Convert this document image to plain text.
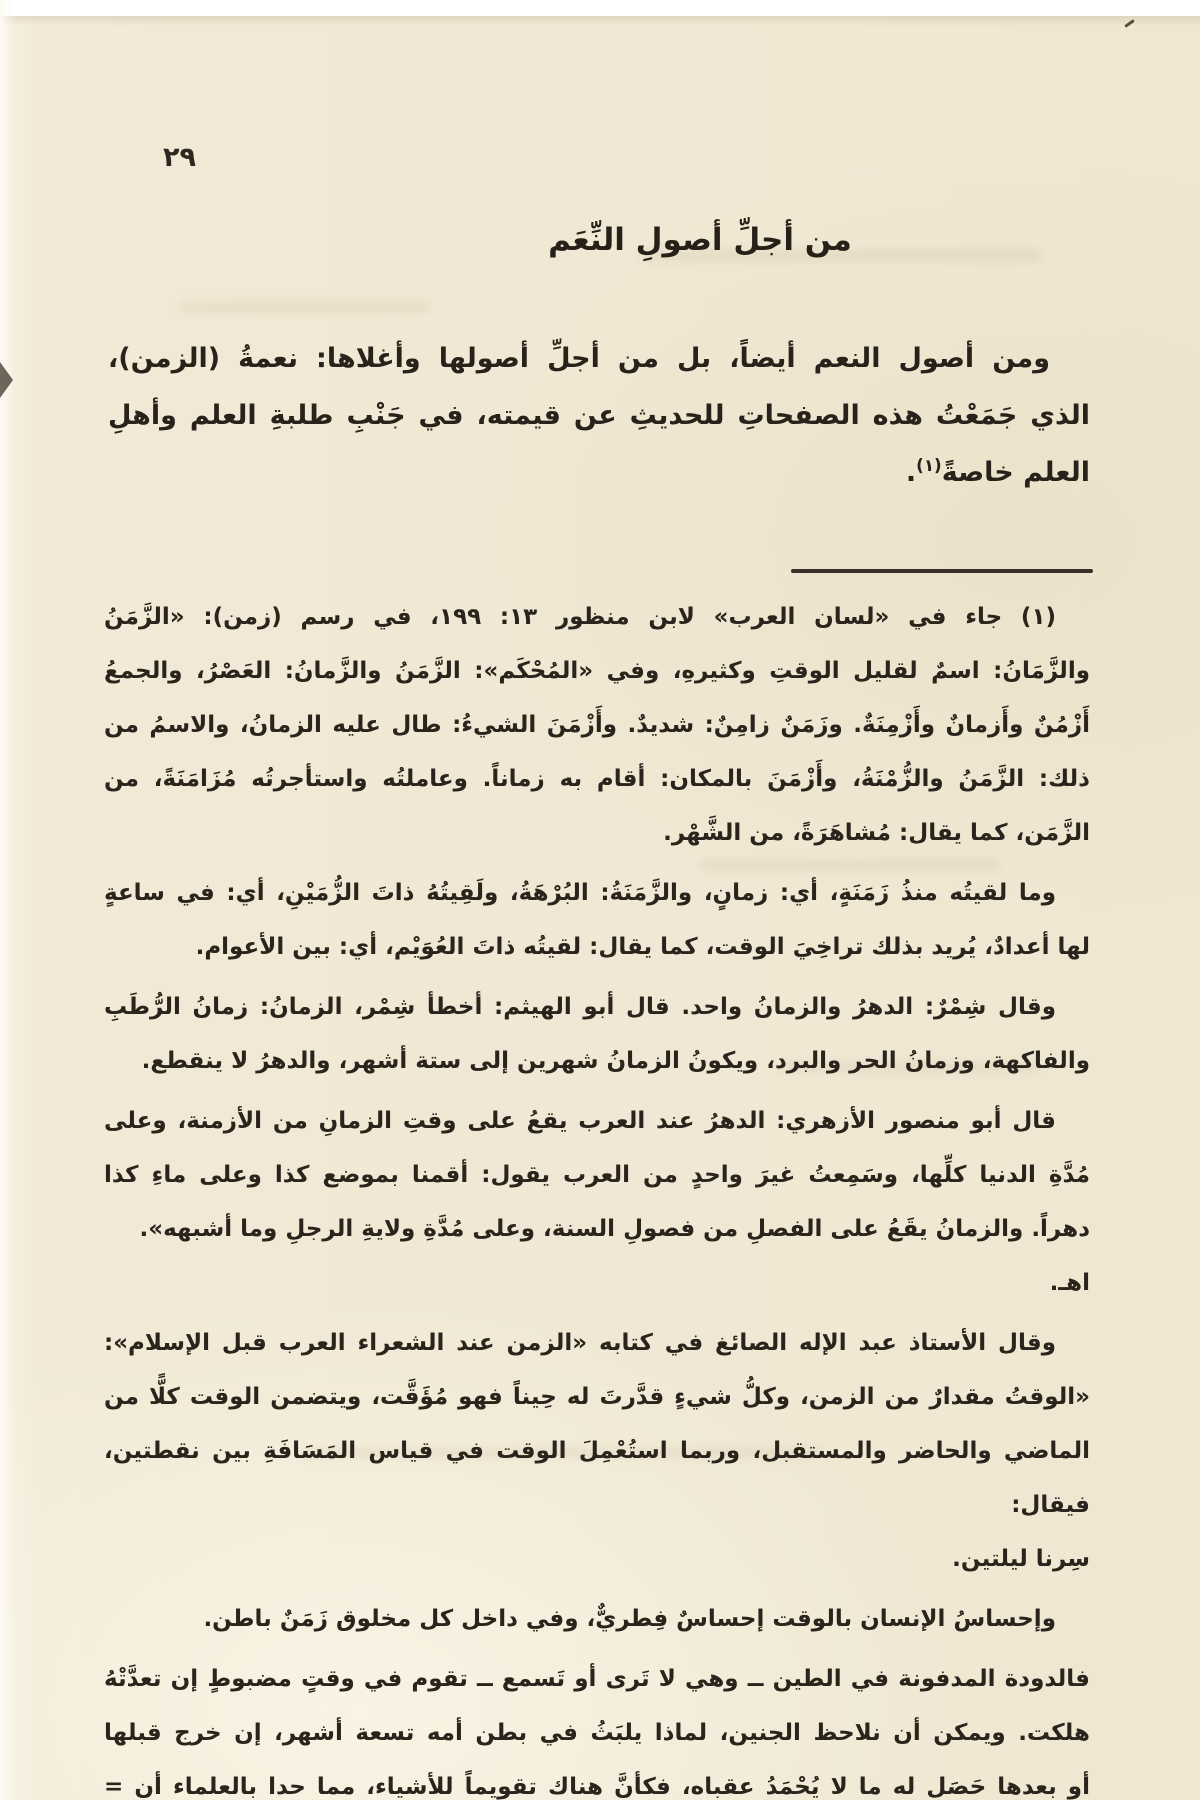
٢٩
من أجلِّ أصولِ النِّعَم
ومن أصول النعم أيضاً، بل من أجلِّ أصولها وأغلاها: نعمةُ (الزمن)،
الذي جَمَعْتُ هذه الصفحاتِ للحديثِ عن قيمته، في جَنْبِ طلبةِ العلم وأهلِ
العلم خاصةً$^{(١)}$.
(١) جاء في «لسان العرب» لابن منظور ١٣: ١٩٩، في رسم (زمن): «الزَّمَنُ
والزَّمَانُ: اسمٌ لقليل الوقتِ وكثيرهِ، وفي «المُحْكَم»: الزَّمَنُ والزَّمانُ: العَصْرُ، والجمعُ
أَزْمُنٌ وأَزمانٌ وأَزْمِنَةٌ. وزَمَنٌ زامِنٌ: شديدٌ. وأَزْمَنَ الشيءُ: طال عليه الزمانُ، والاسمُ من
ذلك: الزَّمَنُ والزُّمْنَةُ، وأَزْمَنَ بالمكان: أقام به زماناً. وعاملتُه واستأجرتُه مُزَامَنَةً، من
الزَّمَن، كما يقال: مُشاهَرَةً، من الشَّهْر.
وما لقيتُه منذُ زَمَنَةٍ، أي: زمانٍ، والزَّمَنَةُ: البُرْهَةُ، ولَقِيتُهُ ذاتَ الزُّمَيْنِ، أي: في ساعةٍ
لها أعدادٌ، يُريد بذلك تراخِيَ الوقت، كما يقال: لقيتُه ذاتَ العُوَيْم، أي: بين الأعوام.
وقال شِمْرٌ: الدهرُ والزمانُ واحد. قال أبو الهيثم: أخطأ شِمْر، الزمانُ: زمانُ الرُّطَبِ
والفاكهة، وزمانُ الحر والبرد، ويكونُ الزمانُ شهرين إلى ستة أشهر، والدهرُ لا ينقطع.
قال أبو منصور الأزهري: الدهرُ عند العرب يقعُ على وقتِ الزمانِ من الأزمنة، وعلى
مُدَّةِ الدنيا كلِّها، وسَمِعتُ غيرَ واحدٍ من العرب يقول: أقمنا بموضع كذا وعلى ماءِ كذا
دهراً. والزمانُ يقَعُ على الفصلِ من فصولِ السنة، وعلى مُدَّةِ ولايةِ الرجلِ وما أشبهه». اهـ.
وقال الأستاذ عبد الإله الصائغ في كتابه «الزمن عند الشعراء العرب قبل الإسلام»:
«الوقتُ مقدارٌ من الزمن، وكلُّ شيءٍ قدَّرتَ له حِيناً فهو مُؤَقَّت، ويتضمن الوقت كلًّا من
الماضي والحاضر والمستقبل، وربما استُعْمِلَ الوقت في قياس المَسَافَةِ بين نقطتين، فيقال:
سِرنا ليلتين.
وإحساسُ الإنسان بالوقت إحساسٌ فِطريٌّ، وفي داخل كل مخلوق زَمَنٌ باطن.
فالدودة المدفونة في الطين ــ وهي لا تَرى أو تَسمع ــ تقوم في وقتٍ مضبوطٍ إن تعدَّتْهُ
هلكت. ويمكن أن نلاحظ الجنين، لماذا يلبَثُ في بطن أمه تسعة أشهر، إن خرج قبلها
أو بعدها حَصَل له ما لا يُحْمَدُ عقباه، فكأنَّ هناك تقويماً للأشياء، مما حدا بالعلماء أن =
